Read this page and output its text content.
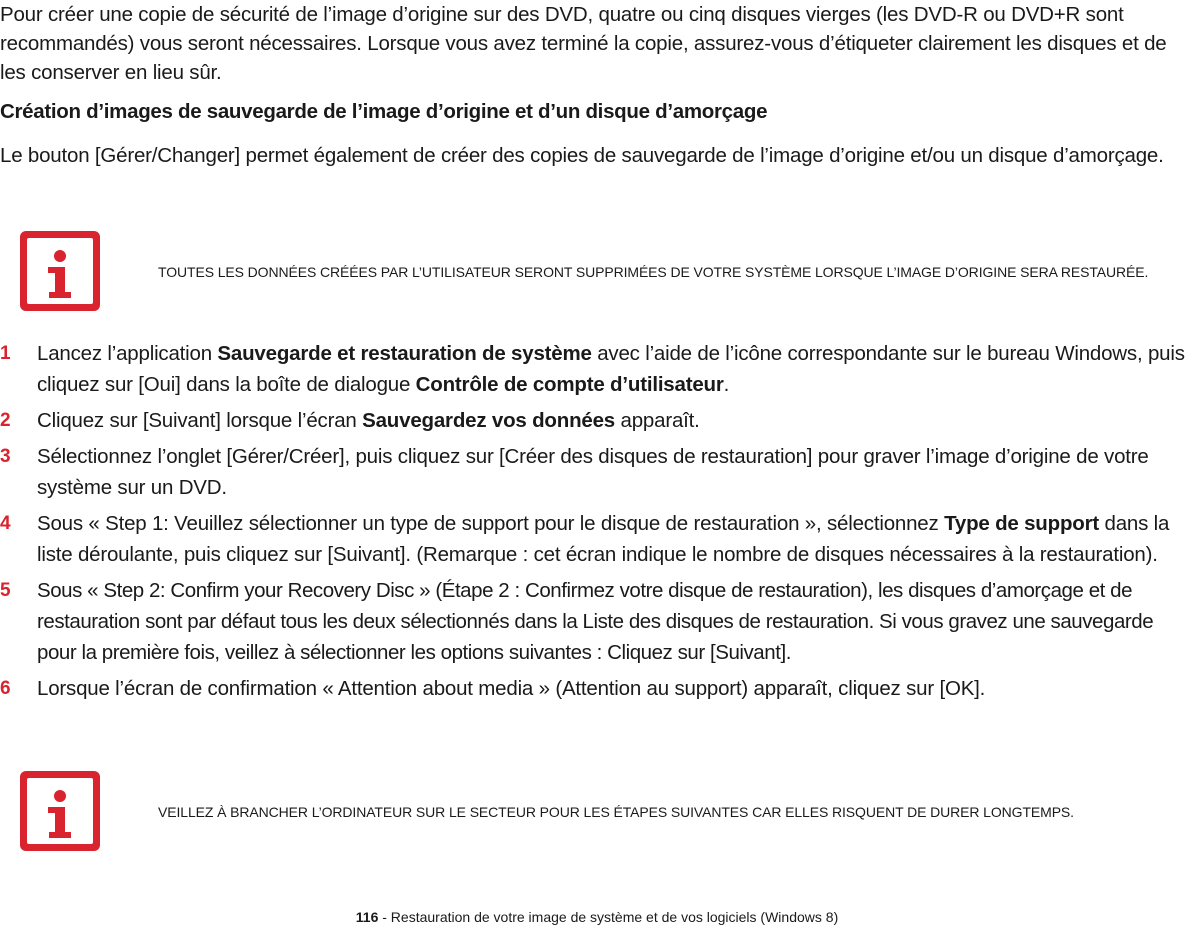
Pour créer une copie de sécurité de l’image d’origine sur des DVD, quatre ou cinq disques vierges (les DVD-R ou DVD+R sont recommandés) vous seront nécessaires. Lorsque vous avez terminé la copie, assurez-vous d’étiqueter clairement les disques et de les conserver en lieu sûr.
Création d’images de sauvegarde de l’image d’origine et d’un disque d’amorçage
Le bouton [Gérer/Changer] permet également de créer des copies de sauvegarde de l’image d’origine et/ou un disque d’amorçage.
TOUTES LES DONNÉES CRÉÉES PAR L’UTILISATEUR SERONT SUPPRIMÉES DE VOTRE SYSTÈME LORSQUE L’IMAGE D’ORIGINE SERA RESTAURÉE.
1 Lancez l’application Sauvegarde et restauration de système avec l’aide de l’icône correspondante sur le bureau Windows, puis cliquez sur [Oui] dans la boîte de dialogue Contrôle de compte d’utilisateur.
2 Cliquez sur [Suivant] lorsque l’écran Sauvegardez vos données apparaît.
3 Sélectionnez l’onglet [Gérer/Créer], puis cliquez sur [Créer des disques de restauration] pour graver l’image d’origine de votre système sur un DVD.
4 Sous « Step 1: Veuillez sélectionner un type de support pour le disque de restauration », sélectionnez Type de support dans la liste déroulante, puis cliquez sur [Suivant]. (Remarque : cet écran indique le nombre de disques nécessaires à la restauration).
5 Sous « Step 2: Confirm your Recovery Disc » (Étape 2 : Confirmez votre disque de restauration), les disques d’amorçage et de restauration sont par défaut tous les deux sélectionnés dans la Liste des disques de restauration. Si vous gravez une sauvegarde pour la première fois, veillez à sélectionner les options suivantes : Cliquez sur [Suivant].
6 Lorsque l’écran de confirmation « Attention about media » (Attention au support) apparaît, cliquez sur [OK].
VEILLEZ À BRANCHER L’ORDINATEUR SUR LE SECTEUR POUR LES ÉTAPES SUIVANTES CAR ELLES RISQUENT DE DURER LONGTEMPS.
116 - Restauration de votre image de système et de vos logiciels (Windows 8)
